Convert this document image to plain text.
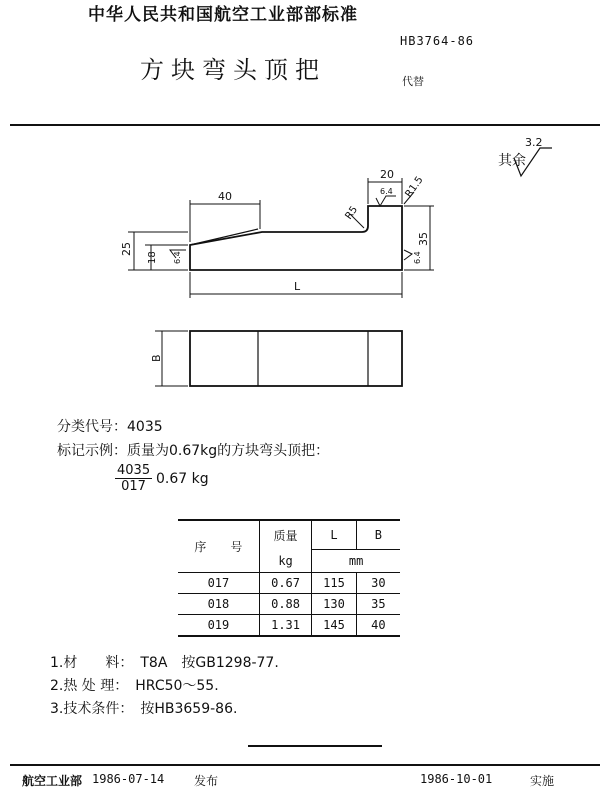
中华人民共和国航空工业部部标准
方块弯头顶把
HB3764-86
代替
其余
3.2
40
20
25
18
35
R5
R1.5
6.4
6.4
6.4
L
B
分类代号：4035
标记示例：质量为0.67kg的方块弯头顶把：
$\frac{4035}{017} 0.67$ kg
序　　号	质量	L	B
	kg	mm	
017	0.67	115	30
018	0.88	130	35
019	1.31	145	40
1.材　　料：　T8A　按GB1298-77.
2.热 处 理：　HRC50～55.
3.技术条件：　按HB3659-86.
航空工业部 1986-07-14 发布	1986-10-01	实施
